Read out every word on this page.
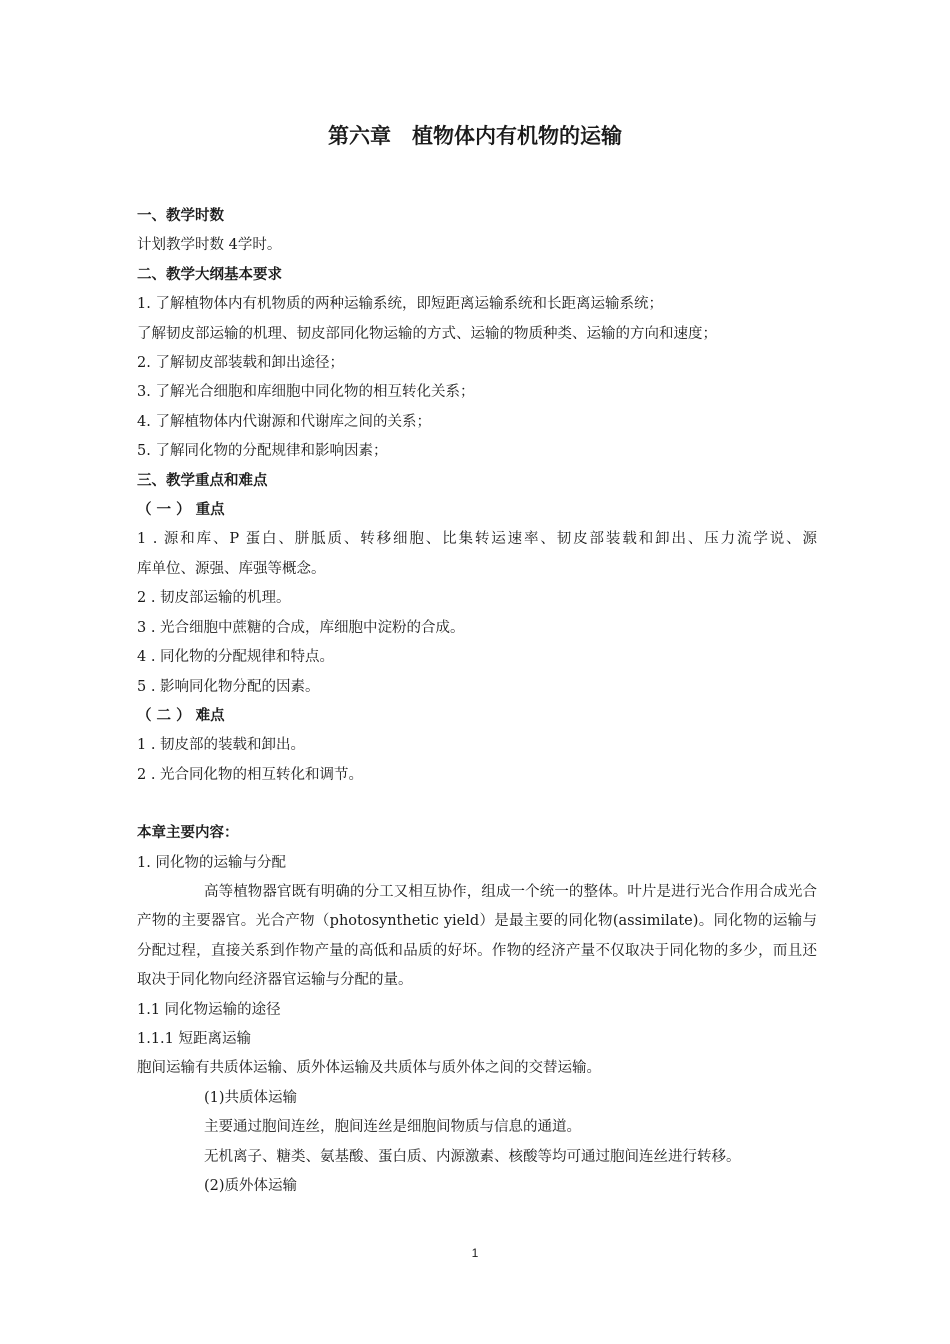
第六章　植物体内有机物的运输
一、教学时数
计划教学时数 4学时。
二、教学大纲基本要求
1. 了解植物体内有机物质的两种运输系统，即短距离运输系统和长距离运输系统；
了解韧皮部运输的机理、韧皮部同化物运输的方式、运输的物质种类、运输的方向和速度；
2. 了解韧皮部装载和卸出途径；
3. 了解光合细胞和库细胞中同化物的相互转化关系；
4. 了解植物体内代谢源和代谢库之间的关系；
5. 了解同化物的分配规律和影响因素；
三、教学重点和难点
（ 一 ） 重点
1 . 源和库、P 蛋白、胼胝质、转移细胞、比集转运速率、韧皮部装载和卸出、压力流学说、源
库单位、源强、库强等概念。
2 . 韧皮部运输的机理。
3 . 光合细胞中蔗糖的合成，库细胞中淀粉的合成。
4 . 同化物的分配规律和特点。
5 . 影响同化物分配的因素。
（ 二 ） 难点
1 . 韧皮部的装载和卸出。
2 . 光合同化物的相互转化和调节。
本章主要内容：
1. 同化物的运输与分配
高等植物器官既有明确的分工又相互协作，组成一个统一的整体。叶片是进行光合作用合成光合产物的主要器官。光合产物（photosynthetic yield）是最主要的同化物(assimilate)。同化物的运输与分配过程，直接关系到作物产量的高低和品质的好坏。作物的经济产量不仅取决于同化物的多少，而且还取决于同化物向经济器官运输与分配的量。
1.1 同化物运输的途径
1.1.1 短距离运输
胞间运输有共质体运输、质外体运输及共质体与质外体之间的交替运输。
(1)共质体运输
主要通过胞间连丝，胞间连丝是细胞间物质与信息的通道。
无机离子、糖类、氨基酸、蛋白质、内源激素、核酸等均可通过胞间连丝进行转移。
(2)质外体运输
1
